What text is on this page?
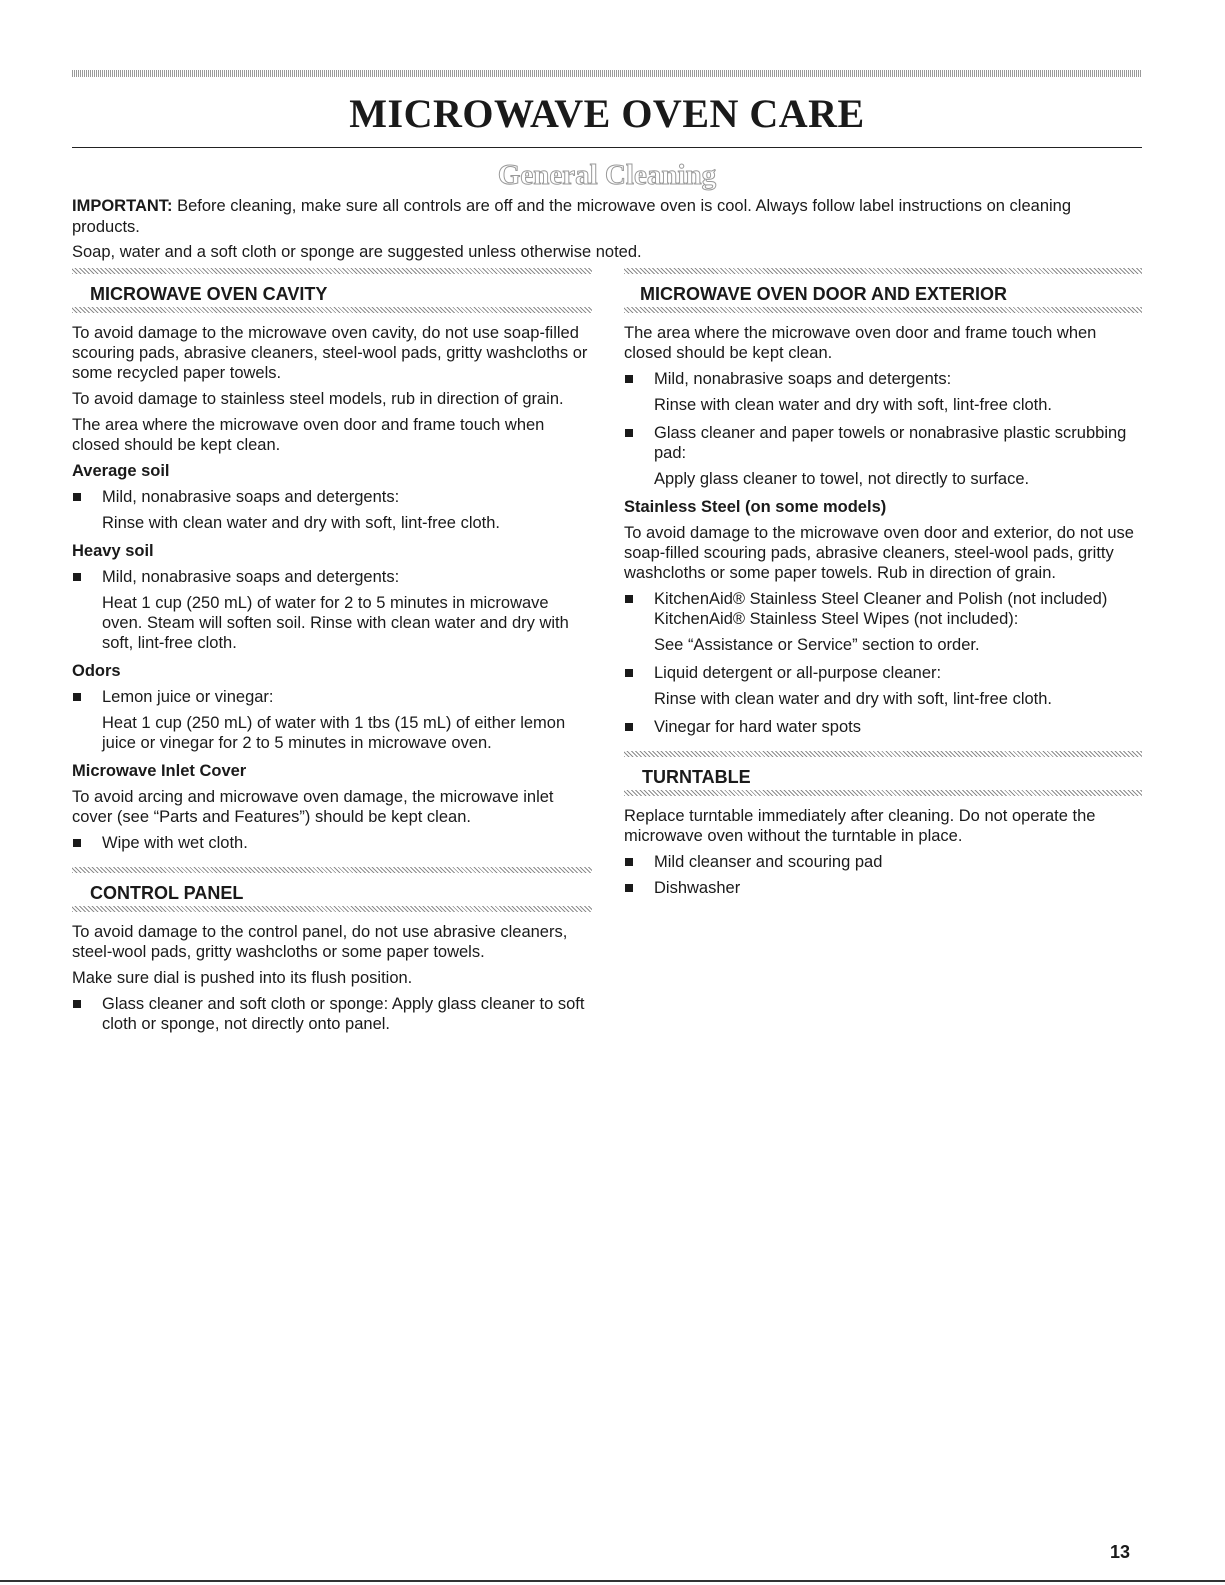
MICROWAVE OVEN CARE
General Cleaning

IMPORTANT: Before cleaning, make sure all controls are off and the microwave oven is cool. Always follow label instructions on cleaning products.

Soap, water and a soft cloth or sponge are suggested unless otherwise noted.

MICROWAVE OVEN CAVITY

To avoid damage to the microwave oven cavity, do not use soap-filled scouring pads, abrasive cleaners, steel-wool pads, gritty washcloths or some recycled paper towels.

To avoid damage to stainless steel models, rub in direction of grain.

The area where the microwave oven door and frame touch when closed should be kept clean.

Average soil

Mild, nonabrasive soaps and detergents:

Rinse with clean water and dry with soft, lint-free cloth.

Heavy soil

Mild, nonabrasive soaps and detergents:

Heat 1 cup (250 mL) of water for 2 to 5 minutes in microwave oven. Steam will soften soil. Rinse with clean water and dry with soft, lint-free cloth.

Odors

Lemon juice or vinegar:

Heat 1 cup (250 mL) of water with 1 tbs (15 mL) of either lemon juice or vinegar for 2 to 5 minutes in microwave oven.

Microwave Inlet Cover

To avoid arcing and microwave oven damage, the microwave inlet cover (see “Parts and Features”) should be kept clean.

Wipe with wet cloth.

CONTROL PANEL

To avoid damage to the control panel, do not use abrasive cleaners, steel-wool pads, gritty washcloths or some paper towels.

Make sure dial is pushed into its flush position.

Glass cleaner and soft cloth or sponge: Apply glass cleaner to soft cloth or sponge, not directly onto panel.

MICROWAVE OVEN DOOR AND EXTERIOR

The area where the microwave oven door and frame touch when closed should be kept clean.

Mild, nonabrasive soaps and detergents:

Rinse with clean water and dry with soft, lint-free cloth.

Glass cleaner and paper towels or nonabrasive plastic scrubbing pad:

Apply glass cleaner to towel, not directly to surface.

Stainless Steel (on some models)

To avoid damage to the microwave oven door and exterior, do not use soap-filled scouring pads, abrasive cleaners, steel-wool pads, gritty washcloths or some paper towels. Rub in direction of grain.

KitchenAid® Stainless Steel Cleaner and Polish (not included)
KitchenAid® Stainless Steel Wipes (not included):

See “Assistance or Service” section to order.

Liquid detergent or all-purpose cleaner:

Rinse with clean water and dry with soft, lint-free cloth.

Vinegar for hard water spots

TURNTABLE

Replace turntable immediately after cleaning. Do not operate the microwave oven without the turntable in place.

Mild cleanser and scouring pad

Dishwasher

13
